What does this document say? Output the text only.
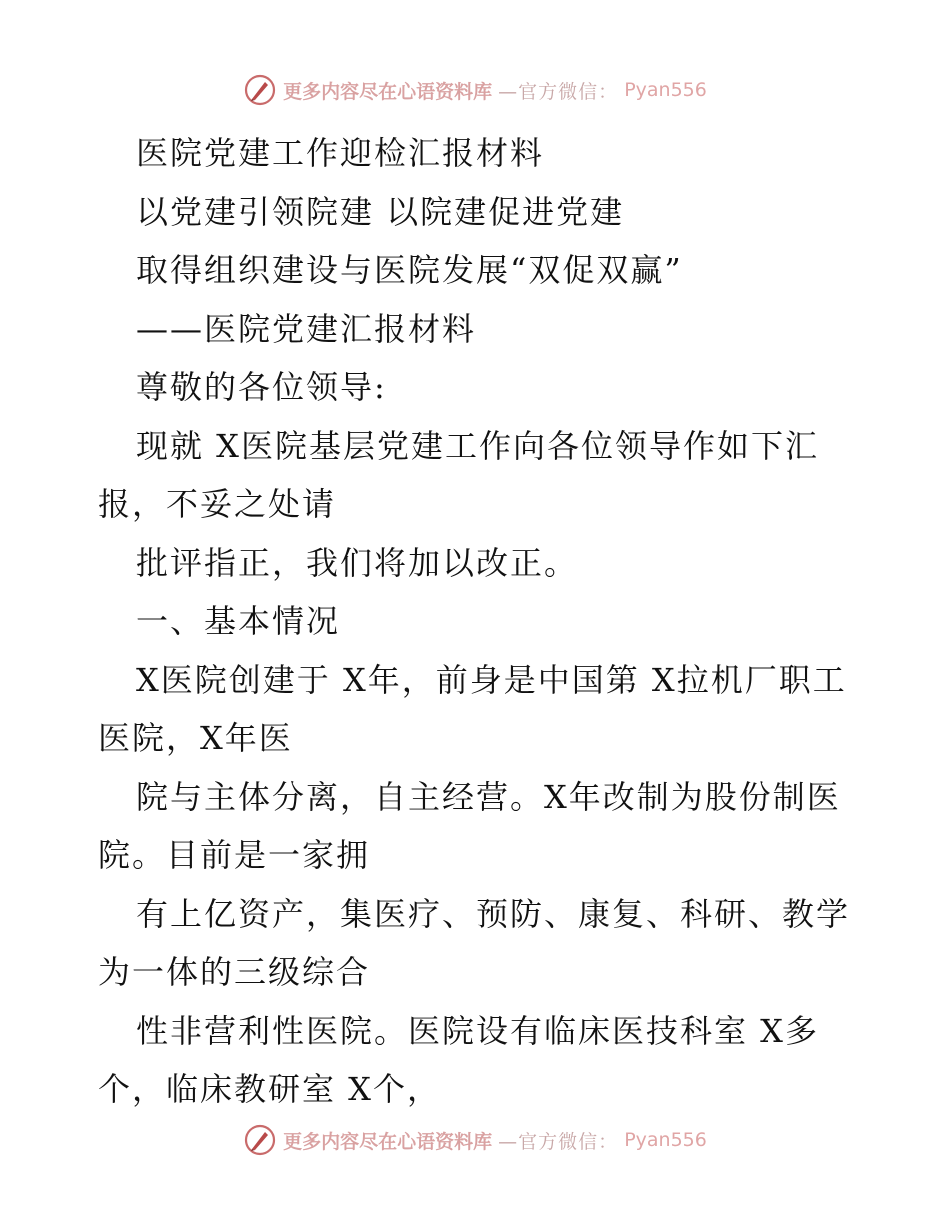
更多内容尽在心语资料库 —官方微信： Pyan556
医院党建工作迎检汇报材料
以党建引领院建 以院建促进党建
取得组织建设与医院发展“双促双赢”
——医院党建汇报材料
尊敬的各位领导:
现就 X医院基层党建工作向各位领导作如下汇
报，不妥之处请
批评指正，我们将加以改正。
一、基本情况
X医院创建于 X年，前身是中国第 X拉机厂职工
医院，X年医
院与主体分离，自主经营。X年改制为股份制医
院。目前是一家拥
有上亿资产，集医疗、预防、康复、科研、教学
为一体的三级综合
性非营利性医院。医院设有临床医技科室 X多
个，临床教研室 X个，
更多内容尽在心语资料库 —官方微信： Pyan556
